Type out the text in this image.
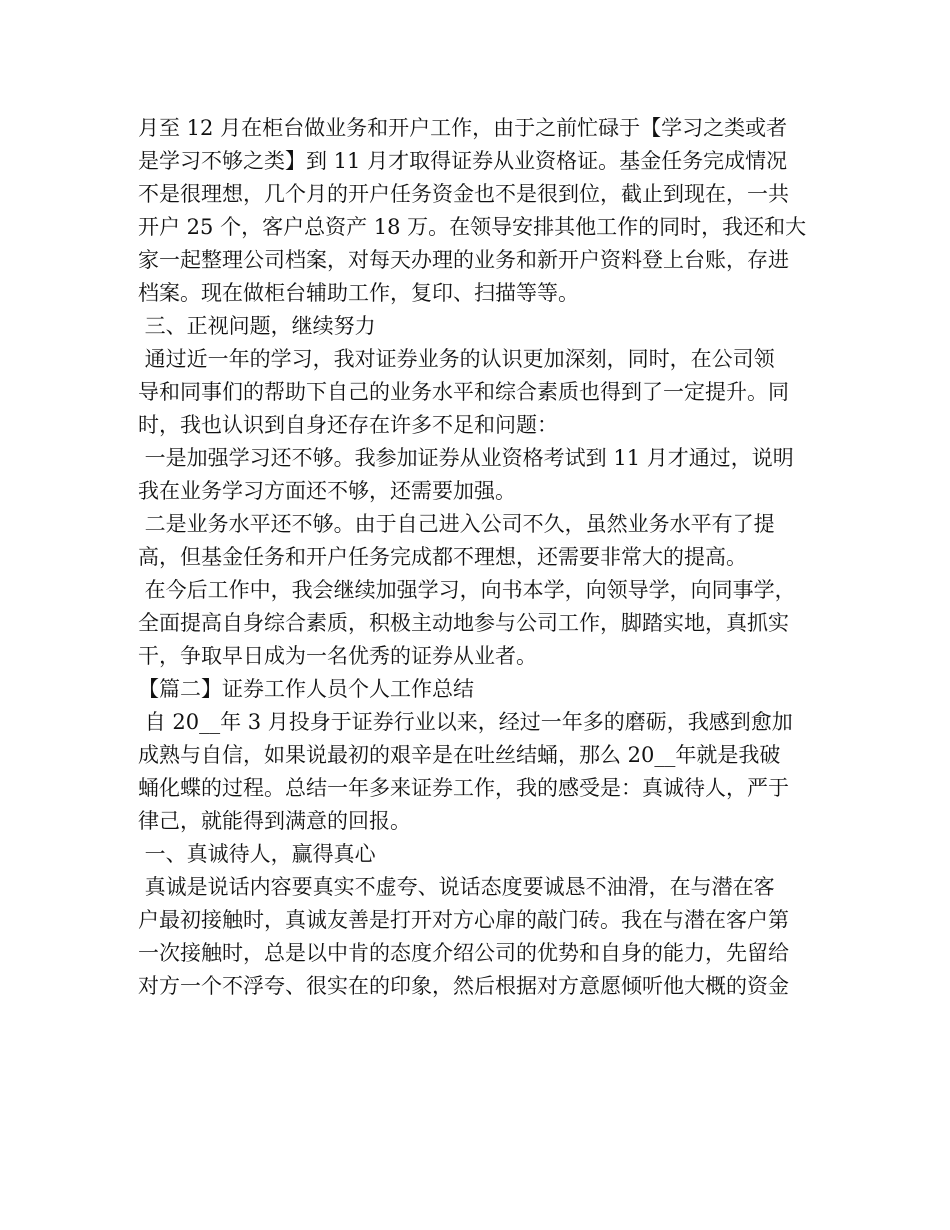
月至 12 月在柜台做业务和开户工作，由于之前忙碌于【学习之类或者
是学习不够之类】到 11 月才取得证券从业资格证。基金任务完成情况
不是很理想，几个月的开户任务资金也不是很到位，截止到现在，一共
开户 25 个，客户总资产 18 万。在领导安排其他工作的同时，我还和大
家一起整理公司档案，对每天办理的业务和新开户资料登上台账，存进
档案。现在做柜台辅助工作，复印、扫描等等。
三、正视问题，继续努力
通过近一年的学习，我对证券业务的认识更加深刻，同时，在公司领
导和同事们的帮助下自己的业务水平和综合素质也得到了一定提升。同
时，我也认识到自身还存在许多不足和问题：
一是加强学习还不够。我参加证券从业资格考试到 11 月才通过，说明
我在业务学习方面还不够，还需要加强。
二是业务水平还不够。由于自己进入公司不久，虽然业务水平有了提
高，但基金任务和开户任务完成都不理想，还需要非常大的提高。
在今后工作中，我会继续加强学习，向书本学，向领导学，向同事学，
全面提高自身综合素质，积极主动地参与公司工作，脚踏实地，真抓实
干，争取早日成为一名优秀的证券从业者。
【篇二】证券工作人员个人工作总结
自 20__年 3 月投身于证券行业以来，经过一年多的磨砺，我感到愈加
成熟与自信，如果说最初的艰辛是在吐丝结蛹，那么 20__年就是我破
蛹化蝶的过程。总结一年多来证券工作，我的感受是：真诚待人，严于
律己，就能得到满意的回报。
一、真诚待人，赢得真心
真诚是说话内容要真实不虚夸、说话态度要诚恳不油滑，在与潜在客
户最初接触时，真诚友善是打开对方心扉的敲门砖。我在与潜在客户第
一次接触时，总是以中肯的态度介绍公司的优势和自身的能力，先留给
对方一个不浮夸、很实在的印象，然后根据对方意愿倾听他大概的资金
